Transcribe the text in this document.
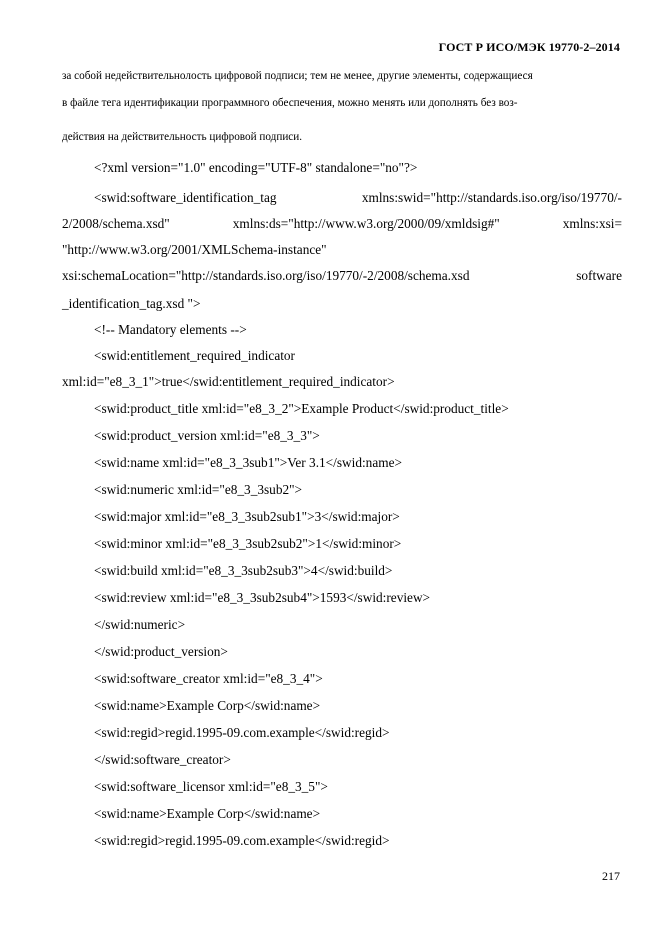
ГОСТ Р ИСО/МЭК 19770-2–2014
за собой недействительнолость цифровой подписи; тем не менее, другие элементы, содержащиеся
в файле тега идентификации программного обеспечения, можно менять или дополнять без воз-
действия на действительность цифровой подписи.
<?xml version="1.0" encoding="UTF-8" standalone="no"?>
<swid:software_identification_tag	xmlns:swid="http://standards.iso.org/iso/19770/-
2/2008/schema.xsd"	xmlns:ds="http://www.w3.org/2000/09/xmldsig#"	xmlns:xsi=
"http://www.w3.org/2001/XMLSchema-instance"
xsi:schemaLocation="http://standards.iso.org/iso/19770/-2/2008/schema.xsd	software
_identification_tag.xsd ">
<!-- Mandatory elements -->
<swid:entitlement_required_indicator
xml:id="e8_3_1">true</swid:entitlement_required_indicator>
<swid:product_title xml:id="e8_3_2">Example Product</swid:product_title>
<swid:product_version xml:id="e8_3_3">
<swid:name xml:id="e8_3_3sub1">Ver 3.1</swid:name>
<swid:numeric xml:id="e8_3_3sub2">
<swid:major xml:id="e8_3_3sub2sub1">3</swid:major>
<swid:minor xml:id="e8_3_3sub2sub2">1</swid:minor>
<swid:build xml:id="e8_3_3sub2sub3">4</swid:build>
<swid:review xml:id="e8_3_3sub2sub4">1593</swid:review>
</swid:numeric>
</swid:product_version>
<swid:software_creator xml:id="e8_3_4">
<swid:name>Example Corp</swid:name>
<swid:regid>regid.1995-09.com.example</swid:regid>
</swid:software_creator>
<swid:software_licensor xml:id="e8_3_5">
<swid:name>Example Corp</swid:name>
<swid:regid>regid.1995-09.com.example</swid:regid>
217
